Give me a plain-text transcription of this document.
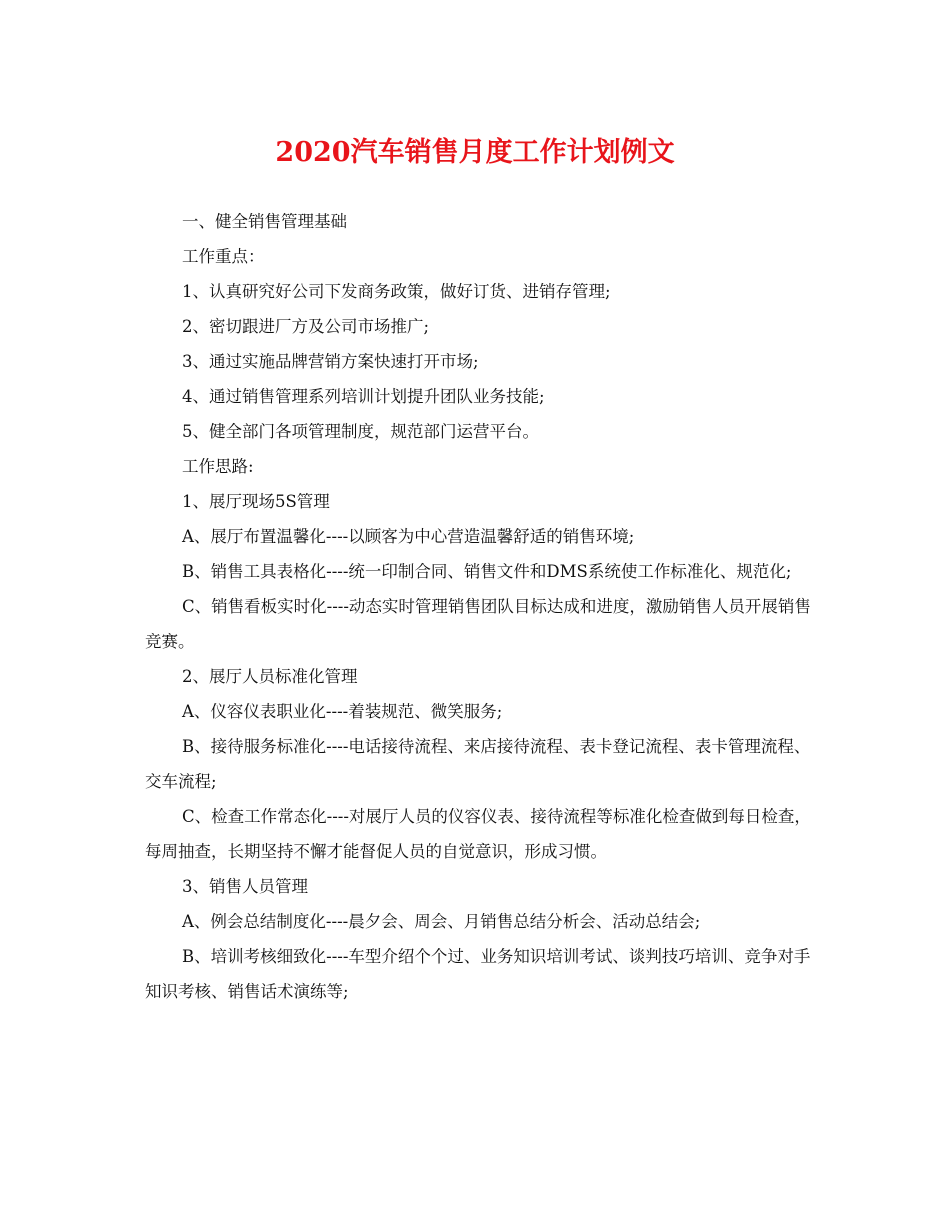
2020汽车销售月度工作计划例文

一、健全销售管理基础

工作重点：

1、认真研究好公司下发商务政策，做好订货、进销存管理;

2、密切跟进厂方及公司市场推广;

3、通过实施品牌营销方案快速打开市场;

4、通过销售管理系列培训计划提升团队业务技能;

5、健全部门各项管理制度，规范部门运营平台。

工作思路:

1、展厅现场5S管理

A、展厅布置温馨化----以顾客为中心营造温馨舒适的销售环境;

B、销售工具表格化----统一印制合同、销售文件和DMS系统使工作标准化、规范化;

C、销售看板实时化----动态实时管理销售团队目标达成和进度，激励销售人员开展销售竞赛。

2、展厅人员标准化管理

A、仪容仪表职业化----着装规范、微笑服务;

B、接待服务标准化----电话接待流程、来店接待流程、表卡登记流程、表卡管理流程、交车流程;

C、检查工作常态化----对展厅人员的仪容仪表、接待流程等标准化检查做到每日检查，每周抽查，长期坚持不懈才能督促人员的自觉意识，形成习惯。

3、销售人员管理

A、例会总结制度化----晨夕会、周会、月销售总结分析会、活动总结会;

B、培训考核细致化----车型介绍个个过、业务知识培训考试、谈判技巧培训、竞争对手知识考核、销售话术演练等;
